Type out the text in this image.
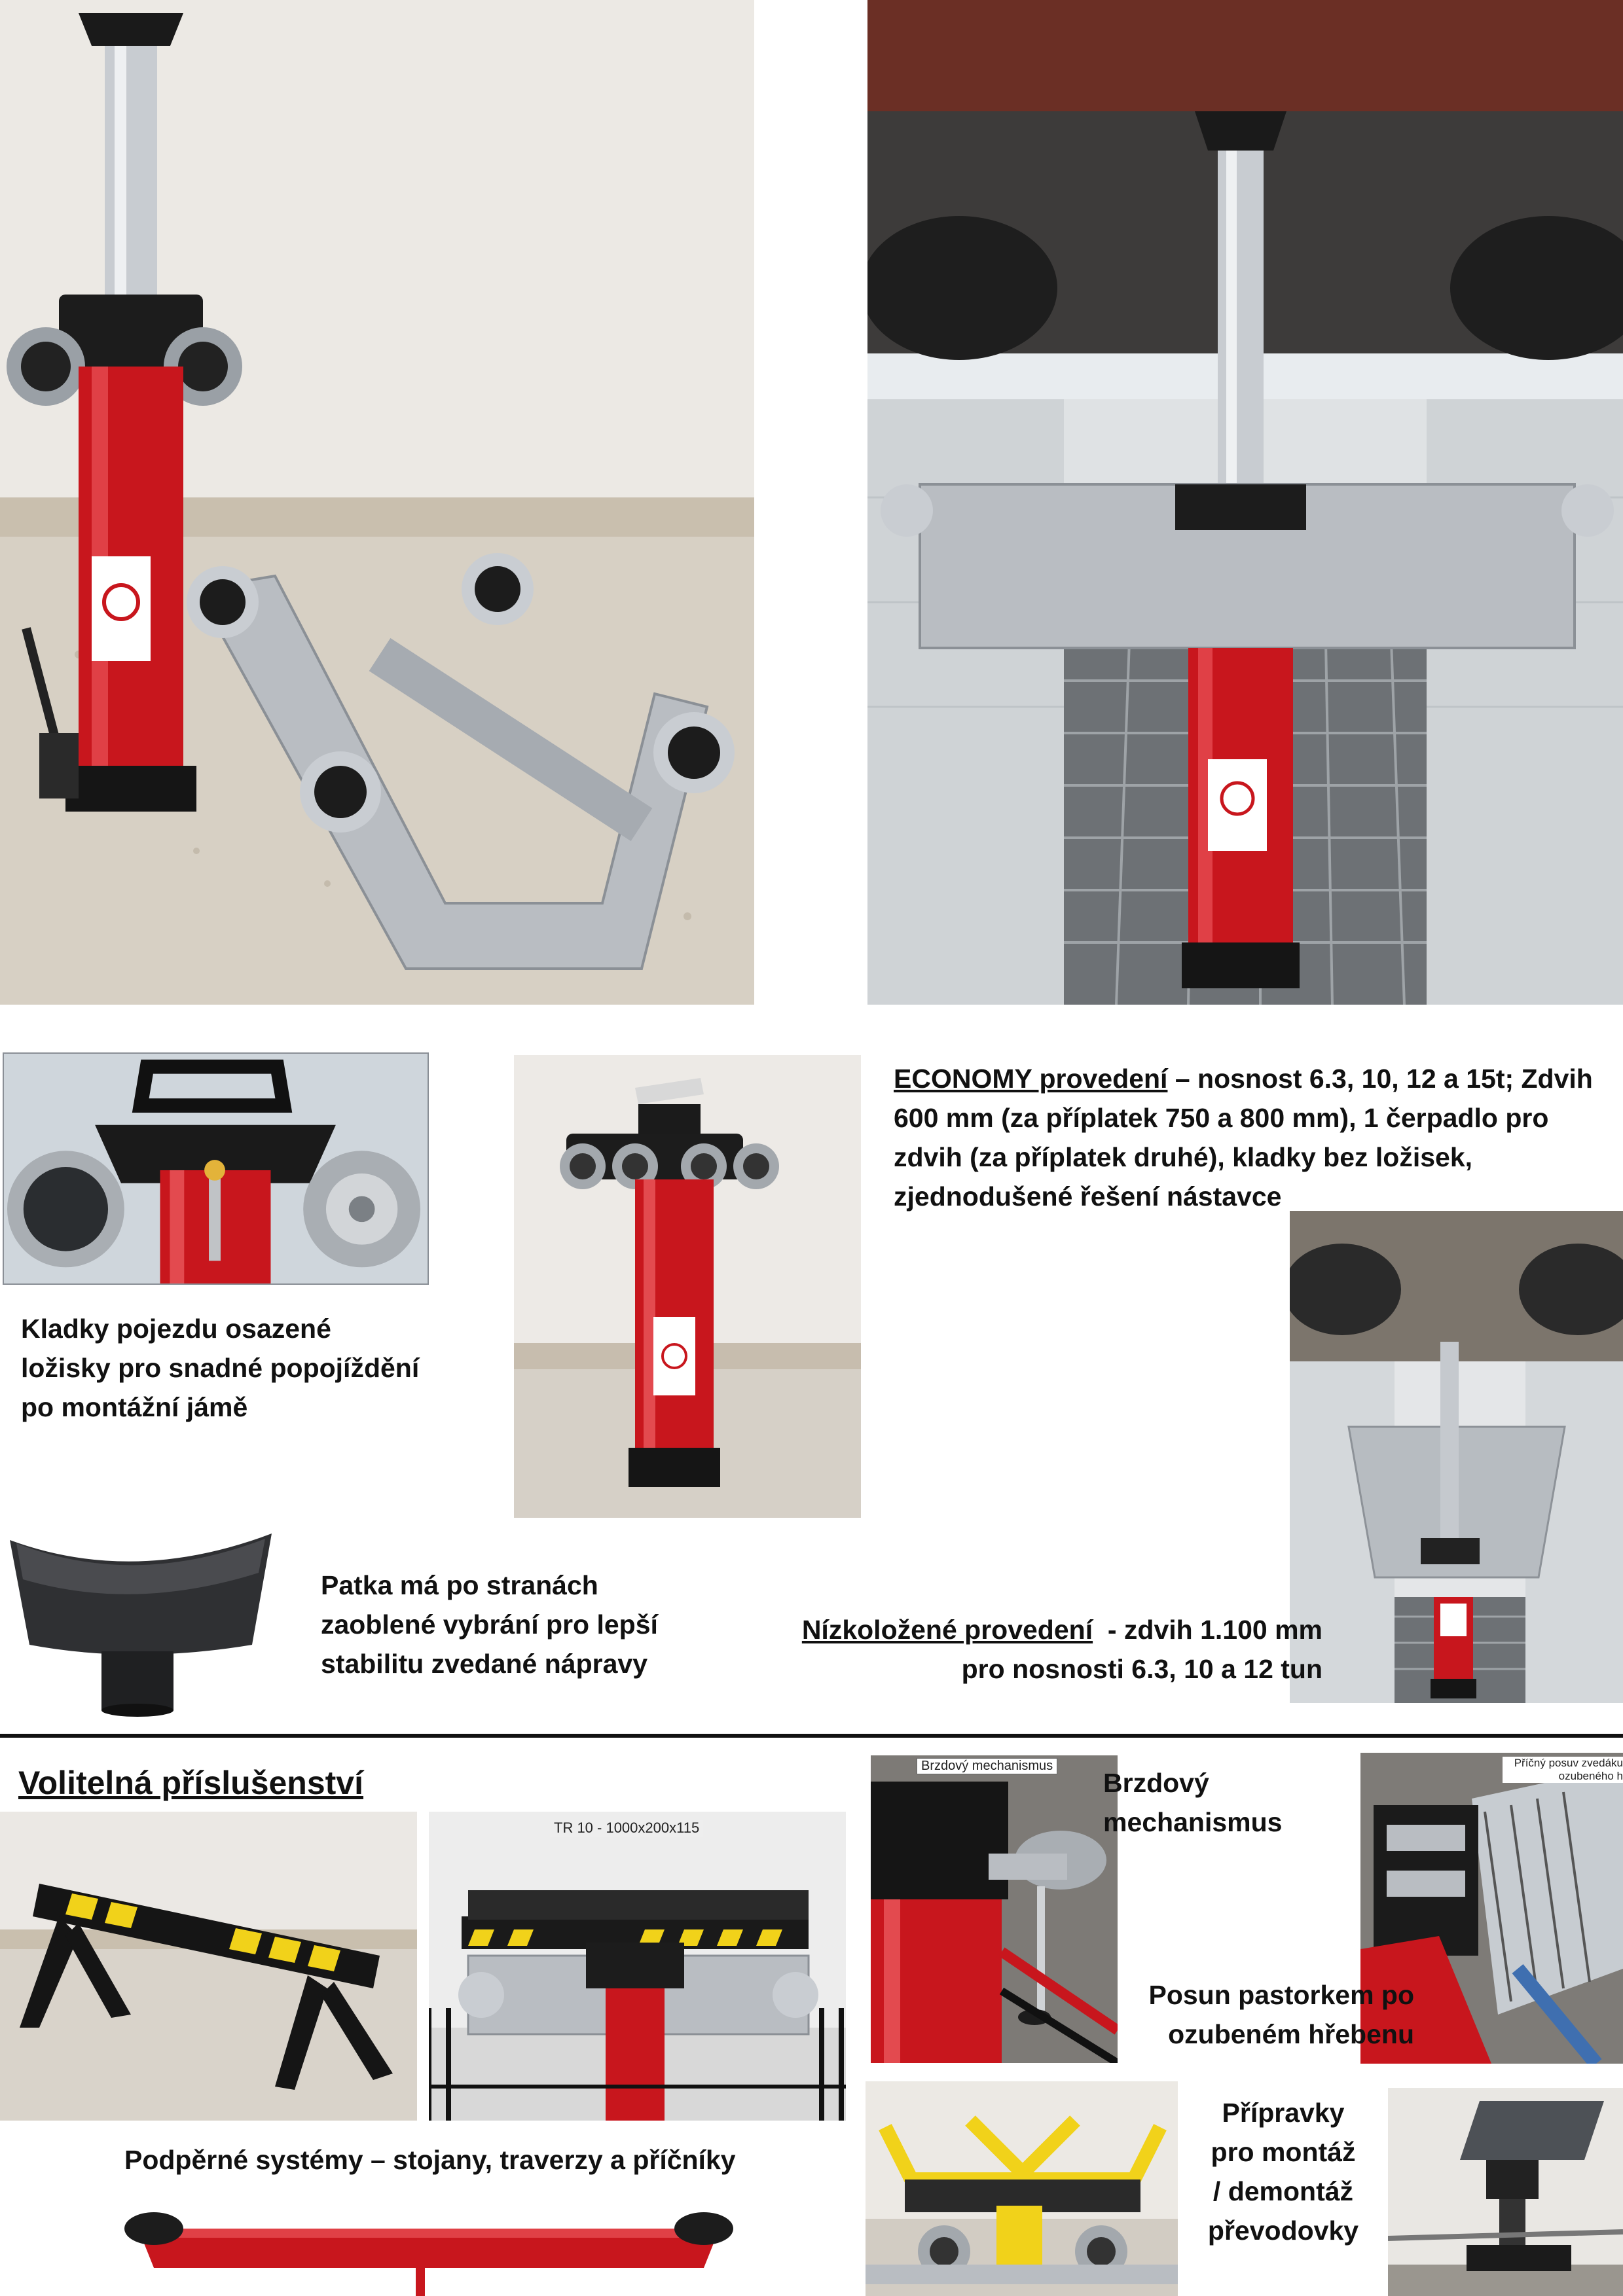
TR 10 - 1000x200x115
Brzdový mechanismus	Příčný posuv zvedáku
ozubeného h
ECONOMY provedení – nosnost 6.3, 10, 12 a 15t; Zdvih
600 mm (za příplatek 750 a 800 mm), 1 čerpadlo pro
zdvih (za příplatek druhé), kladky bez ložisek,
zjednodušené řešení nástavce
Kladky pojezdu osazené
ložisky pro snadné popojíždění
po montážní jámě
Patka má po stranách
zaoblené vybrání pro lepší
stabilitu zvedané nápravy
Nízkoložené provedení  - zdvih 1.100 mm
pro nosnosti 6.3, 10 a 12 tun
Volitelná příslušenství	Brzdový
mechanismus
Posun pastorkem po
ozubeném hřebenu
Přípravky
pro montáž
/ demontáž
převodovky
Podpěrné systémy – stojany, traverzy a příčníky
